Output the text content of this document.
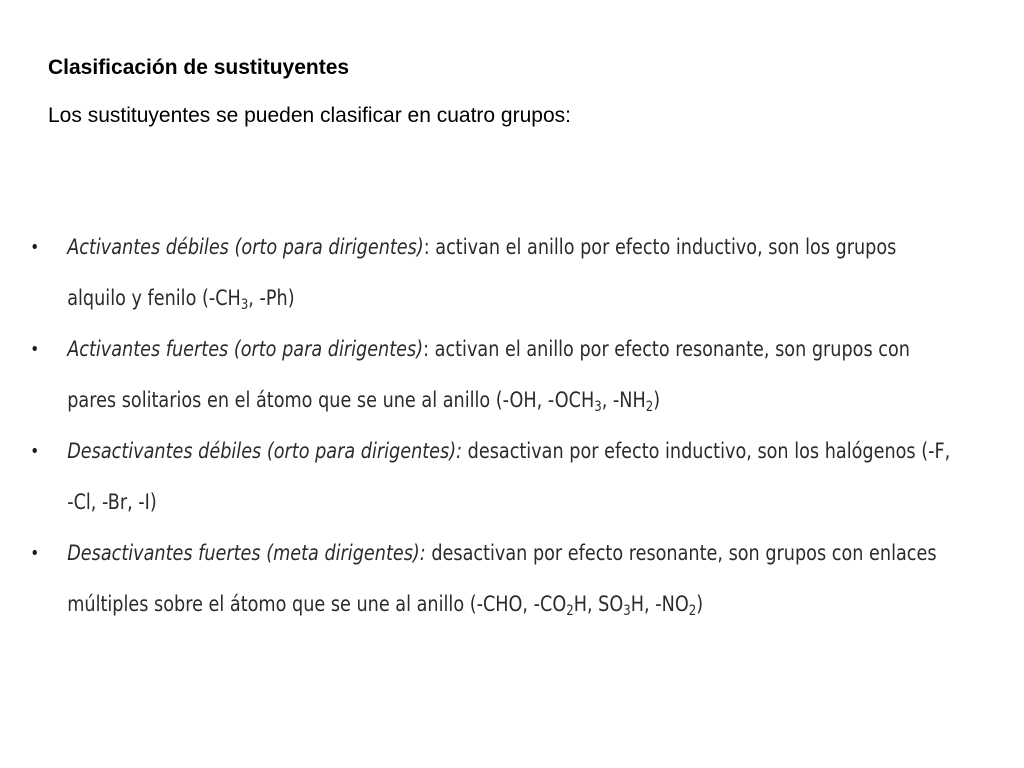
Clasificación de sustituyentes

Los sustituyentes se pueden clasificar en cuatro grupos:

• Activantes débiles (orto para dirigentes): activan el anillo por efecto inductivo, son los grupos alquilo y fenilo ($-CH_3$, -Ph)
• Activantes fuertes (orto para dirigentes): activan el anillo por efecto resonante, son grupos con pares solitarios en el átomo que se une al anillo (-OH, $-OCH_3$, $-NH_2$)
• Desactivantes débiles (orto para dirigentes): desactivan por efecto inductivo, son los halógenos (-F, -Cl, -Br, -I)
• Desactivantes fuertes (meta dirigentes): desactivan por efecto resonante, son grupos con enlaces múltiples sobre el átomo que se une al anillo (-CHO, $-CO_2H$, $SO_3H$, $-NO_2$)
